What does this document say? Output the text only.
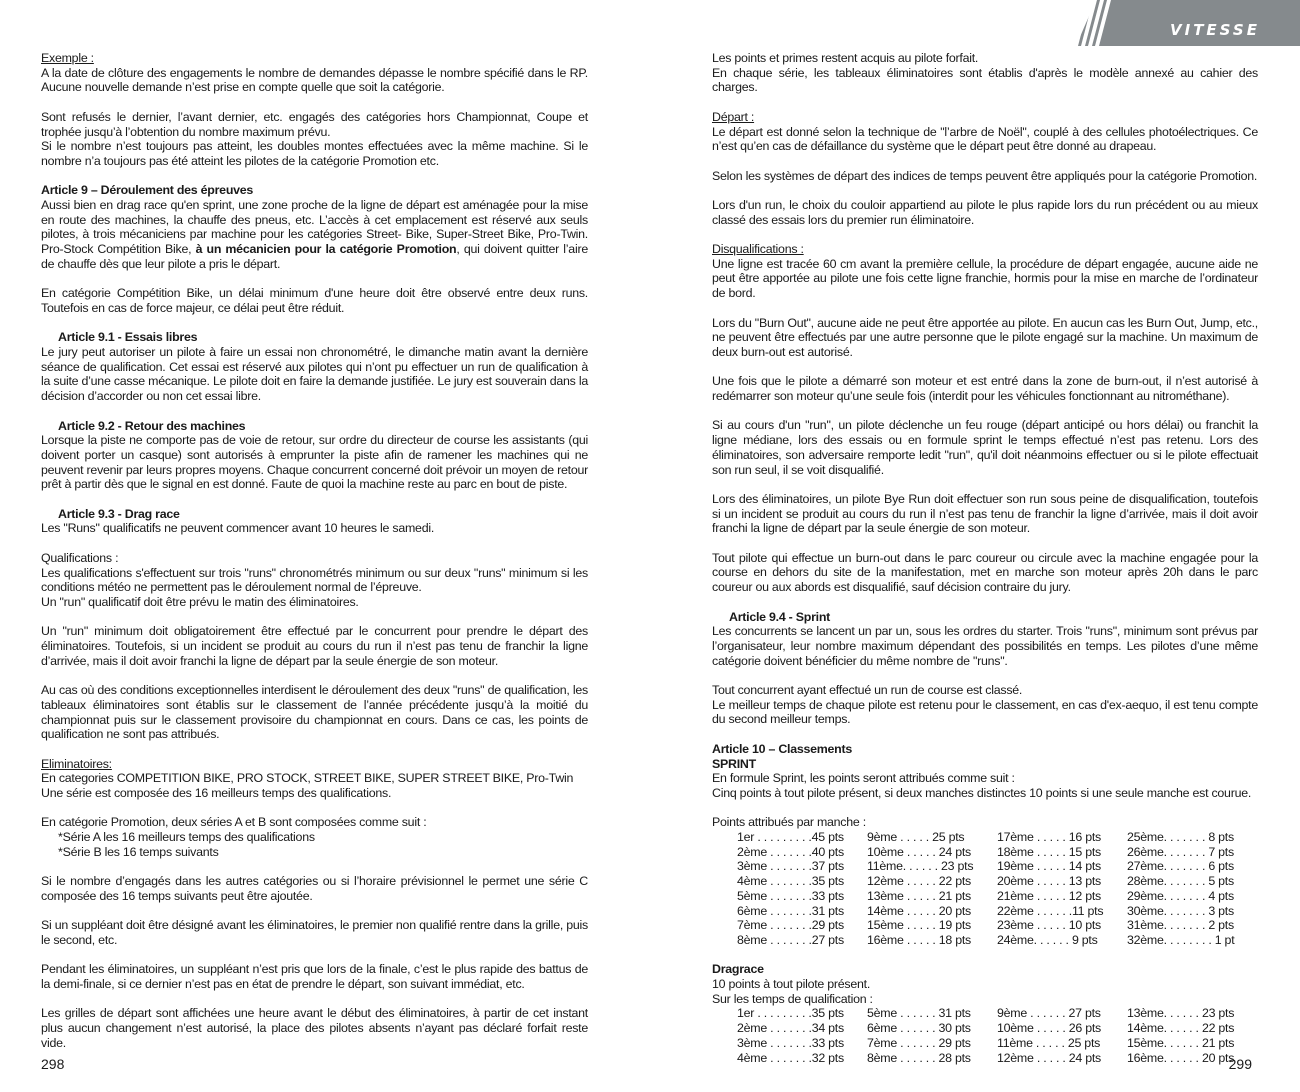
VITESSE

Exemple :

A la date de clôture des engagements le nombre de demandes dépasse le nombre spécifié dans le RP. Aucune nouvelle demande n’est prise en compte quelle que soit la catégorie.

Sont refusés le dernier, l’avant dernier, etc. engagés des catégories hors Championnat, Coupe et trophée jusqu’à l’obtention du nombre maximum prévu.

Si le nombre n’est toujours pas atteint, les doubles montes effectuées avec la même machine. Si le nombre n’a toujours pas été atteint les pilotes de la catégorie Promotion etc.

Article 9 – Déroulement des épreuves

Aussi bien en drag race qu'en sprint, une zone proche de la ligne de départ est aménagée pour la mise en route des machines, la chauffe des pneus, etc. L’accès à cet emplacement est réservé aux seuls pilotes, à trois mécaniciens par machine pour les catégories Street- Bike, Super-Street Bike, Pro-Twin. Pro-Stock Compétition Bike, à un mécanicien pour la catégorie Promotion, qui doivent quitter l’aire de chauffe dès que leur pilote a pris le départ.

En catégorie Compétition Bike, un délai minimum d'une heure doit être observé entre deux runs. Toutefois en cas de force majeur, ce délai peut être réduit.

Article 9.1 - Essais libres

Le jury peut autoriser un pilote à faire un essai non chronométré, le dimanche matin avant la dernière séance de qualification. Cet essai est réservé aux pilotes qui n’ont pu effectuer un run de qualification à la suite d’une casse mécanique. Le pilote doit en faire la demande justifiée. Le jury est souverain dans la décision d’accorder ou non cet essai libre.

Article 9.2 - Retour des machines

Lorsque la piste ne comporte pas de voie de retour, sur ordre du directeur de course les assistants (qui doivent porter un casque) sont autorisés à emprunter la piste afin de ramener les machines qui ne peuvent revenir par leurs propres moyens. Chaque concurrent concerné doit prévoir un moyen de retour prêt à partir dès que le signal en est donné. Faute de quoi la machine reste au parc en bout de piste.

Article 9.3 - Drag race

Les "Runs" qualificatifs ne peuvent commencer avant 10 heures le samedi.

Qualifications :

Les qualifications s'effectuent sur trois "runs" chronométrés minimum ou sur deux "runs" minimum si les conditions météo ne permettent pas le déroulement normal de l’épreuve.

Un "run" qualificatif doit être prévu le matin des éliminatoires.

Un "run" minimum doit obligatoirement être effectué par le concurrent pour prendre le départ des éliminatoires. Toutefois, si un incident se produit au cours du run il n’est pas tenu de franchir la ligne d’arrivée, mais il doit avoir franchi la ligne de départ par la seule énergie de son moteur.

Au cas où des conditions exceptionnelles interdisent le déroulement des deux "runs" de qualification, les tableaux éliminatoires sont établis sur le classement de l’année précédente jusqu’à la moitié du championnat puis sur le classement provisoire du championnat en cours. Dans ce cas, les points de qualification ne sont pas attribués.

Eliminatoires:

En categories COMPETITION BIKE, PRO STOCK, STREET BIKE, SUPER STREET BIKE, Pro-Twin

Une série est composée des 16 meilleurs temps des qualifications.

En catégorie Promotion, deux séries A et B sont composées comme suit :

*Série A les 16 meilleurs temps des qualifications

*Série B les 16 temps suivants

Si le nombre d’engagés dans les autres catégories ou si l’horaire prévisionnel le permet une série C composée des 16 temps suivants peut être ajoutée.

Si un suppléant doit être désigné avant les éliminatoires, le premier non qualifié rentre dans la grille, puis le second, etc.

Pendant les éliminatoires, un suppléant n’est pris que lors de la finale, c’est le plus rapide des battus de la demi-finale, si ce dernier n’est pas en état de prendre le départ, son suivant immédiat, etc.

Les grilles de départ sont affichées une heure avant le début des éliminatoires, à partir de cet instant plus aucun changement n’est autorisé, la place des pilotes absents n’ayant pas déclaré forfait reste vide.

298

Les points et primes restent acquis au pilote forfait.

En chaque série, les tableaux éliminatoires sont établis d'après le modèle annexé au cahier des charges.

Départ :

Le départ est donné selon la technique de "l’arbre de Noël", couplé à des cellules photoélectriques. Ce n’est qu’en cas de défaillance du système que le départ peut être donné au drapeau.

Selon les systèmes de départ des indices de temps peuvent être appliqués pour la catégorie Promotion.

Lors d'un run, le choix du couloir appartiend au pilote le plus rapide lors du run précédent ou au mieux classé des essais lors du premier run éliminatoire.

Disqualifications :

Une ligne est tracée 60 cm avant la première cellule, la procédure de départ engagée, aucune aide ne peut être apportée au pilote une fois cette ligne franchie, hormis pour la mise en marche de l’ordinateur de bord.

Lors du "Burn Out", aucune aide ne peut être apportée au pilote. En aucun cas les Burn Out, Jump, etc., ne peuvent être effectués par une autre personne que le pilote engagé sur la machine. Un maximum de deux burn-out est autorisé.

Une fois que le pilote a démarré son moteur et est entré dans la zone de burn-out, il n’est autorisé à redémarrer son moteur qu’une seule fois (interdit pour les véhicules fonctionnant au nitrométhane).

Si au cours d'un "run", un pilote déclenche un feu rouge (départ anticipé ou hors délai) ou franchit la ligne médiane, lors des essais ou en formule sprint le temps effectué n’est pas retenu. Lors des éliminatoires, son adversaire remporte ledit "run", qu'il doit néanmoins effectuer ou si le pilote effectuait son run seul, il se voit disqualifié.

Lors des éliminatoires, un pilote Bye Run doit effectuer son run sous peine de disqualification, toutefois si un incident se produit au cours du run il n’est pas tenu de franchir la ligne d’arrivée, mais il doit avoir franchi la ligne de départ par la seule énergie de son moteur.

Tout pilote qui effectue un burn-out dans le parc coureur ou circule avec la machine engagée pour la course en dehors du site de la manifestation, met en marche son moteur après 20h dans le parc coureur ou aux abords est disqualifié, sauf décision contraire du jury.

Article 9.4 - Sprint

Les concurrents se lancent un par un, sous les ordres du starter. Trois "runs", minimum sont prévus par l’organisateur, leur nombre maximum dépendant des possibilités en temps. Les pilotes d’une même catégorie doivent bénéficier du même nombre de "runs".

Tout concurrent ayant effectué un run de course est classé.

Le meilleur temps de chaque pilote est retenu pour le classement, en cas d'ex-aequo, il est tenu compte du second meilleur temps.

Article 10 – Classements

SPRINT

En formule Sprint, les points seront attribués comme suit :

Cinq points à tout pilote présent, si deux manches distinctes 10 points si une seule manche est courue.

Points attribués par manche :

1er . . . . . . . . .45 pts	9ème . . . . . 25 pts	17ème . . . . . 16 pts	25ème. . . . . . . 8 pts
2ème . . . . . . .40 pts	10ème . . . . . 24 pts	18ème . . . . . 15 pts	26ème. . . . . . . 7 pts
3ème . . . . . . .37 pts	11ème. . . . . . 23 pts	19ème . . . . . 14 pts	27ème. . . . . . . 6 pts
4ème . . . . . . .35 pts	12ème . . . . . 22 pts	20ème . . . . . 13 pts	28ème. . . . . . . 5 pts
5ème . . . . . . .33 pts	13ème . . . . . 21 pts	21ème . . . . . 12 pts	29ème. . . . . . . 4 pts
6ème . . . . . . .31 pts	14ème . . . . . 20 pts	22ème . . . . . .11 pts	30ème. . . . . . . 3 pts
7ème . . . . . . .29 pts	15ème . . . . . 19 pts	23ème . . . . . 10 pts	31ème. . . . . . . 2 pts
8ème . . . . . . .27 pts	16ème . . . . . 18 pts	24ème. . . . . . 9 pts	32ème. . . . . . . . 1 pt

Dragrace

10 points à tout pilote présent.

Sur les temps de qualification :

1er . . . . . . . . .35 pts	5ème . . . . . . 31 pts	9ème . . . . . . 27 pts	13ème. . . . . . 23 pts
2ème . . . . . . .34 pts	6ème . . . . . . 30 pts	10ème . . . . . 26 pts	14ème. . . . . . 22 pts
3ème . . . . . . .33 pts	7ème . . . . . . 29 pts	11ème . . . . . 25 pts	15ème. . . . . . 21 pts
4ème . . . . . . .32 pts	8ème . . . . . . 28 pts	12ème . . . . . 24 pts	16ème. . . . . . 20 pts
299
